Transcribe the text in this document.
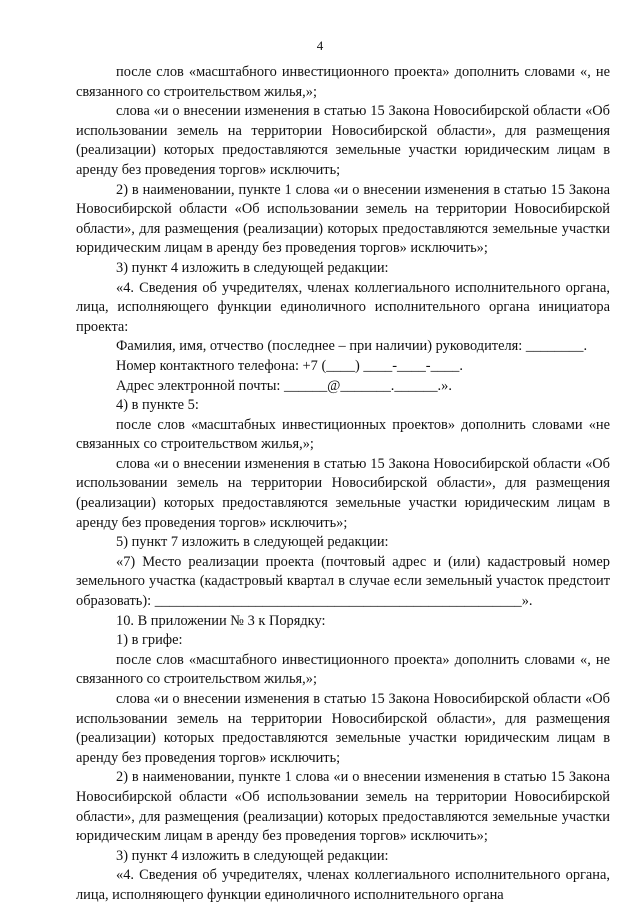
4

после слов «масштабного инвестиционного проекта» дополнить словами «, не связанного со строительством жилья,»;

слова «и о внесении изменения в статью 15 Закона Новосибирской области «Об использовании земель на территории Новосибирской области», для размещения (реализации) которых предоставляются земельные участки юридическим лицам в аренду без проведения торгов» исключить;

2) в наименовании, пункте 1 слова «и о внесении изменения в статью 15 Закона Новосибирской области «Об использовании земель на территории Новосибирской области», для размещения (реализации) которых предоставляются земельные участки юридическим лицам в аренду без проведения торгов» исключить»;

3) пункт 4 изложить в следующей редакции:

«4. Сведения об учредителях, членах коллегиального исполнительного органа, лица, исполняющего функции единоличного исполнительного органа инициатора проекта:

Фамилия, имя, отчество (последнее – при наличии) руководителя: ________.

Номер контактного телефона: +7 (____) ____-____-____.

Адрес электронной почты: ______@_______.______.».

4) в пункте 5:

после слов «масштабных инвестиционных проектов» дополнить словами «не связанных со строительством жилья,»;

слова «и о внесении изменения в статью 15 Закона Новосибирской области «Об использовании земель на территории Новосибирской области», для размещения (реализации) которых предоставляются земельные участки юридическим лицам в аренду без проведения торгов» исключить»;

5) пункт 7 изложить в следующей редакции:

«7) Место реализации проекта (почтовый адрес и (или) кадастровый номер земельного участка (кадастровый квартал в случае если земельный участок предстоит образовать): ___________________________________________________».

10. В приложении № 3 к Порядку:

1) в грифе:

после слов «масштабного инвестиционного проекта» дополнить словами «, не связанного со строительством жилья,»;

слова «и о внесении изменения в статью 15 Закона Новосибирской области «Об использовании земель на территории Новосибирской области», для размещения (реализации) которых предоставляются земельные участки юридическим лицам в аренду без проведения торгов» исключить;

2) в наименовании, пункте 1 слова «и о внесении изменения в статью 15 Закона Новосибирской области «Об использовании земель на территории Новосибирской области», для размещения (реализации) которых предоставляются земельные участки юридическим лицам в аренду без проведения торгов» исключить»;

3) пункт 4 изложить в следующей редакции:

«4. Сведения об учредителях, членах коллегиального исполнительного органа, лица, исполняющего функции единоличного исполнительного органа
